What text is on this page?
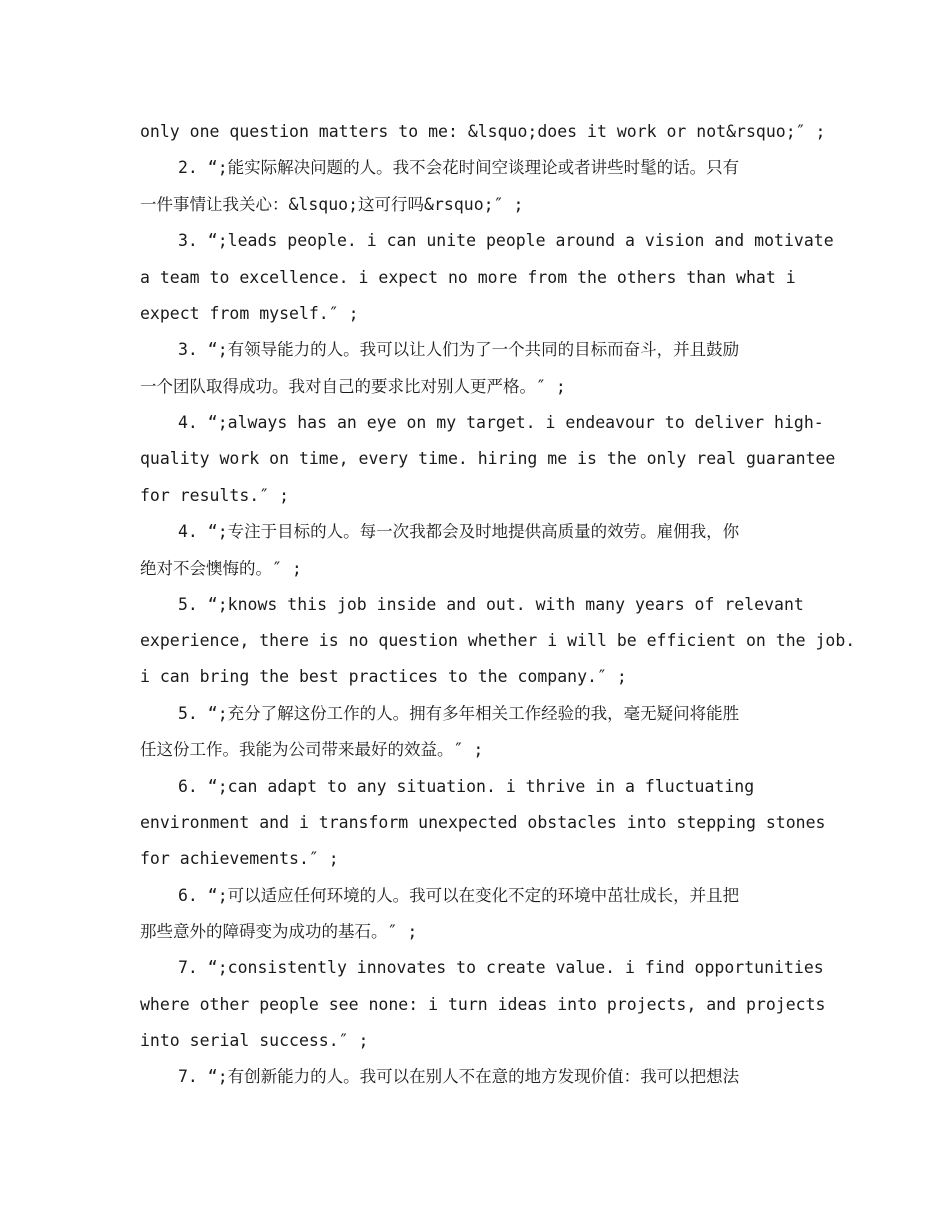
only one question matters to me: &lsquo;does it work or not&rsquo;″ ;
2. “;能实际解决问题的人。我不会花时间空谈理论或者讲些时髦的话。只有
一件事情让我关心：&lsquo;这可行吗&rsquo;″ ;
3. “;leads people. i can unite people around a vision and motivate
a team to excellence. i expect no more from the others than what i
expect from myself.″ ;
3. “;有领导能力的人。我可以让人们为了一个共同的目标而奋斗，并且鼓励
一个团队取得成功。我对自己的要求比对别人更严格。″ ;
4. “;always has an eye on my target. i endeavour to deliver high-
quality work on time, every time. hiring me is the only real guarantee
for results.″ ;
4. “;专注于目标的人。每一次我都会及时地提供高质量的效劳。雇佣我，你
绝对不会懊悔的。″ ;
5. “;knows this job inside and out. with many years of relevant
experience, there is no question whether i will be efficient on the job.
i can bring the best practices to the company.″ ;
5. “;充分了解这份工作的人。拥有多年相关工作经验的我，毫无疑问将能胜
任这份工作。我能为公司带来最好的效益。″ ;
6. “;can adapt to any situation. i thrive in a fluctuating
environment and i transform unexpected obstacles into stepping stones
for achievements.″ ;
6. “;可以适应任何环境的人。我可以在变化不定的环境中茁壮成长，并且把
那些意外的障碍变为成功的基石。″ ;
7. “;consistently innovates to create value. i find opportunities
where other people see none: i turn ideas into projects, and projects
into serial success.″ ;
7. “;有创新能力的人。我可以在别人不在意的地方发现价值：我可以把想法
